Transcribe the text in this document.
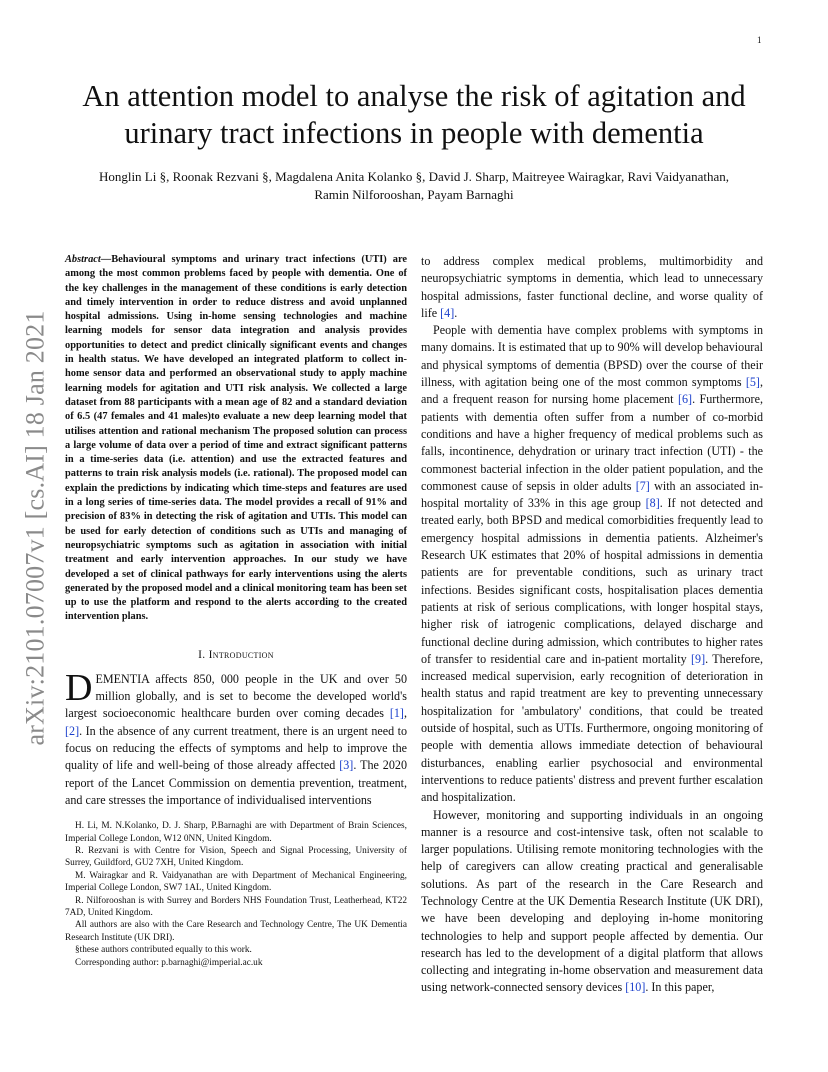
1
arXiv:2101.07007v1 [cs.AI] 18 Jan 2021
An attention model to analyse the risk of agitation and urinary tract infections in people with dementia
Honglin Li §, Roonak Rezvani §, Magdalena Anita Kolanko §, David J. Sharp, Maitreyee Wairagkar, Ravi Vaidyanathan, Ramin Nilforooshan, Payam Barnaghi

Abstract—Behavioural symptoms and urinary tract infections (UTI) are among the most common problems faced by people with dementia. One of the key challenges in the management of these conditions is early detection and timely intervention in order to reduce distress and avoid unplanned hospital admissions. Using in-home sensing technologies and machine learning models for sensor data integration and analysis provides opportunities to detect and predict clinically significant events and changes in health status. We have developed an integrated platform to collect in-home sensor data and performed an observational study to apply machine learning models for agitation and UTI risk analysis. We collected a large dataset from 88 participants with a mean age of 82 and a standard deviation of 6.5 (47 females and 41 males)to evaluate a new deep learning model that utilises attention and rational mechanism The proposed solution can process a large volume of data over a period of time and extract significant patterns in a time-series data (i.e. attention) and use the extracted features and patterns to train risk analysis models (i.e. rational). The proposed model can explain the predictions by indicating which time-steps and features are used in a long series of time-series data. The model provides a recall of 91% and precision of 83% in detecting the risk of agitation and UTIs. This model can be used for early detection of conditions such as UTIs and managing of neuropsychiatric symptoms such as agitation in association with initial treatment and early intervention approaches. In our study we have developed a set of clinical pathways for early interventions using the alerts generated by the proposed model and a clinical monitoring team has been set up to use the platform and respond to the alerts according to the created intervention plans.

I. Introduction

DEMENTIA affects 850, 000 people in the UK and over 50 million globally, and is set to become the developed world's largest socioeconomic healthcare burden over coming decades [1], [2]. In the absence of any current treatment, there is an urgent need to focus on reducing the effects of symptoms and help to improve the quality of life and well-being of those already affected [3]. The 2020 report of the Lancet Commission on dementia prevention, treatment, and care stresses the importance of individualised interventions

H. Li, M. N.Kolanko, D. J. Sharp, P.Barnaghi are with Department of Brain Sciences, Imperial College London, W12 0NN, United Kingdom.

R. Rezvani is with Centre for Vision, Speech and Signal Processing, University of Surrey, Guildford, GU2 7XH, United Kingdom.

M. Wairagkar and R. Vaidyanathan are with Department of Mechanical Engineering, Imperial College London, SW7 1AL, United Kingdom.

R. Nilforooshan is with Surrey and Borders NHS Foundation Trust, Leatherhead, KT22 7AD, United Kingdom.

All authors are also with the Care Research and Technology Centre, The UK Dementia Research Institute (UK DRI).

§these authors contributed equally to this work.

Corresponding author: p.barnaghi@imperial.ac.uk

to address complex medical problems, multimorbidity and neuropsychiatric symptoms in dementia, which lead to unnecessary hospital admissions, faster functional decline, and worse quality of life [4].

People with dementia have complex problems with symptoms in many domains. It is estimated that up to 90% will develop behavioural and physical symptoms of dementia (BPSD) over the course of their illness, with agitation being one of the most common symptoms [5], and a frequent reason for nursing home placement [6]. Furthermore, patients with dementia often suffer from a number of co-morbid conditions and have a higher frequency of medical problems such as falls, incontinence, dehydration or urinary tract infection (UTI) - the commonest bacterial infection in the older patient population, and the commonest cause of sepsis in older adults [7] with an associated in-hospital mortality of 33% in this age group [8]. If not detected and treated early, both BPSD and medical comorbidities frequently lead to emergency hospital admissions in dementia patients. Alzheimer's Research UK estimates that 20% of hospital admissions in dementia patients are for preventable conditions, such as urinary tract infections. Besides significant costs, hospitalisation places dementia patients at risk of serious complications, with longer hospital stays, higher risk of iatrogenic complications, delayed discharge and functional decline during admission, which contributes to higher rates of transfer to residential care and in-patient mortality [9]. Therefore, increased medical supervision, early recognition of deterioration in health status and rapid treatment are key to preventing unnecessary hospitalization for 'ambulatory' conditions, that could be treated outside of hospital, such as UTIs. Furthermore, ongoing monitoring of people with dementia allows immediate detection of behavioural disturbances, enabling earlier psychosocial and environmental interventions to reduce patients' distress and prevent further escalation and hospitalization.

However, monitoring and supporting individuals in an ongoing manner is a resource and cost-intensive task, often not scalable to larger populations. Utilising remote monitoring technologies with the help of caregivers can allow creating practical and generalisable solutions. As part of the research in the Care Research and Technology Centre at the UK Dementia Research Institute (UK DRI), we have been developing and deploying in-home monitoring technologies to help and support people affected by dementia. Our research has led to the development of a digital platform that allows collecting and integrating in-home observation and measurement data using network-connected sensory devices [10]. In this paper,
